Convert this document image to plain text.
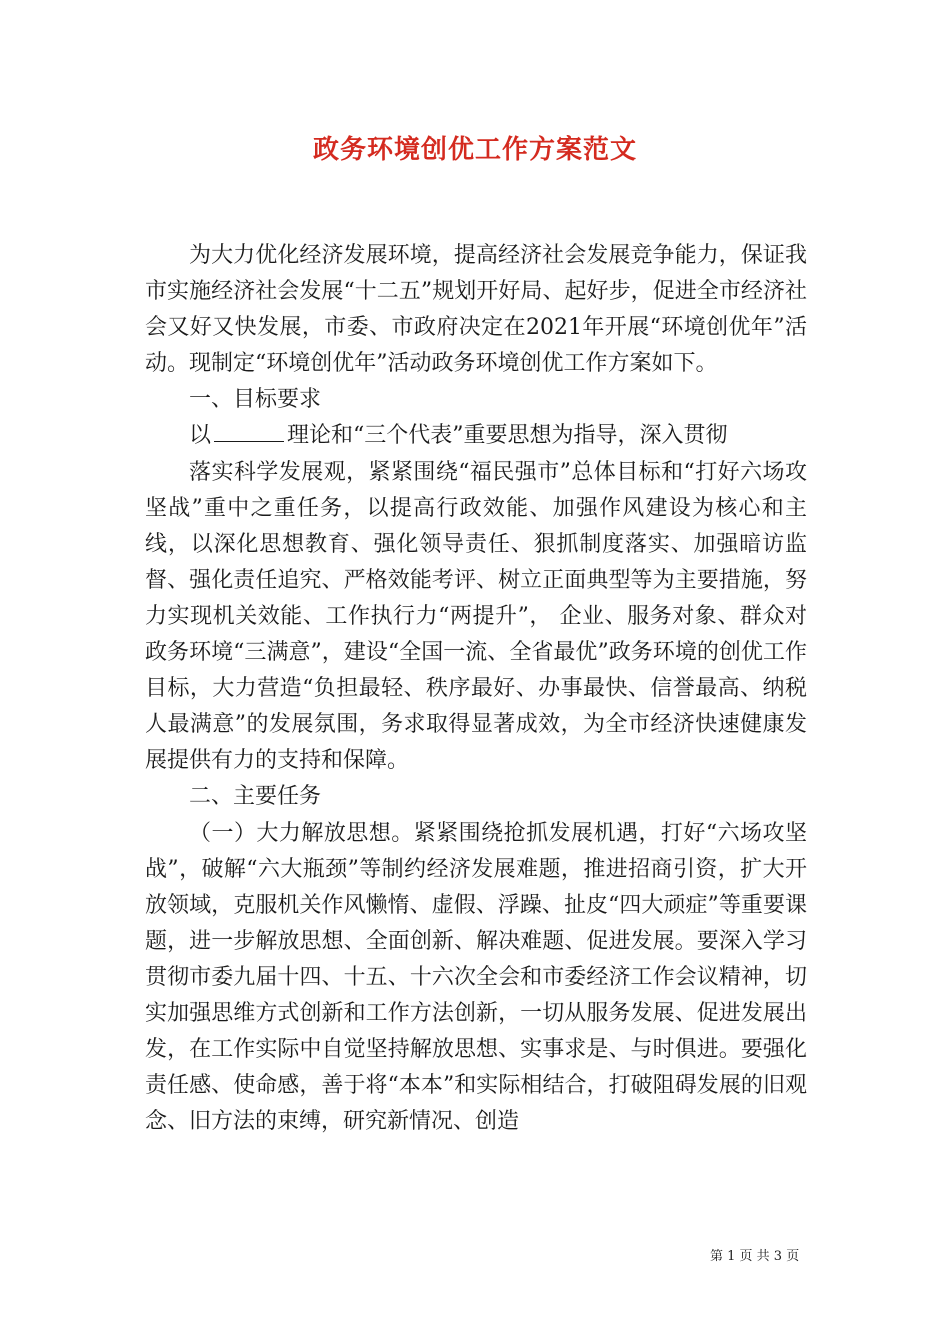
政务环境创优工作方案范文

为大力优化经济发展环境，提高经济社会发展竞争能力，保证我市实施经济社会发展“十二五”规划开好局、起好步，促进全市经济社会又好又快发展，市委、市政府决定在2021年开展“环境创优年”活动。现制定“环境创优年”活动政务环境创优工作方案如下。

一、目标要求

以	理论和“三个代表”重要思想为指导，深入贯彻

落实科学发展观，紧紧围绕“福民强市”总体目标和“打好六场攻坚战”重中之重任务，以提高行政效能、加强作风建设为核心和主线，以深化思想教育、强化领导责任、狠抓制度落实、加强暗访监督、强化责任追究、严格效能考评、树立正面典型等为主要措施，努力实现机关效能、工作执行力“两提升”， 企业、服务对象、群众对政务环境“三满意”，建设“全国一流、全省最优”政务环境的创优工作目标，大力营造“负担最轻、秩序最好、办事最快、信誉最高、纳税人最满意”的发展氛围，务求取得显著成效，为全市经济快速健康发展提供有力的支持和保障。

二、主要任务

（一）大力解放思想。紧紧围绕抢抓发展机遇，打好“六场攻坚战”，破解“六大瓶颈”等制约经济发展难题，推进招商引资，扩大开放领域，克服机关作风懒惰、虚假、浮躁、扯皮“四大顽症”等重要课题，进一步解放思想、全面创新、解决难题、促进发展。要深入学习贯彻市委九届十四、十五、十六次全会和市委经济工作会议精神，切实加强思维方式创新和工作方法创新，一切从服务发展、促进发展出发，在工作实际中自觉坚持解放思想、实事求是、与时俱进。要强化责任感、使命感，善于将“本本”和实际相结合，打破阻碍发展的旧观念、旧方法的束缚，研究新情况、创造

第 1 页 共 3 页
